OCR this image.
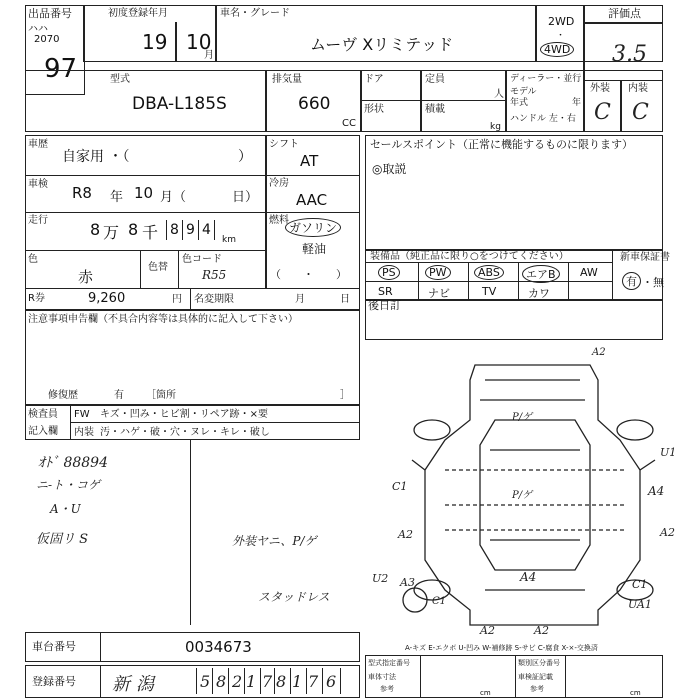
出品番号
ハハ
2070
97
初度登録年月
19 10
月
車名・グレード
ムーヴ Xリミテッド
2WD
・
4WD
評価点
3.5
型式
DBA-L185S
排気量
660
CC
ドア	定員
人
形状	積載
kg
ディーラー・並行
モデル
年式	年
ハンドル 左・右
外装 内装
C C
車歴
自家用 ・（	）
シフト
AT
車検 R8 年 10 月（	日）
冷房
AAC
走行	8 万 8 千 8 9 4
km
燃料
ガソリン
軽油
（　　・　　）
色
赤
色替
色コード
R55
R券	9,260	円 名変期限	月	日
注意事項申告欄（不具合内容等は具体的に記入して下さい）
修復歴	有 ［箇所	］
検査員
記入欄
FW キズ・凹み・ヒビ割・リペア跡・×要
内装 汚・ハゲ・破・穴・ヌレ・キレ・破し
ｵﾄﾞ 88894
ニ-ト・コゲ
A・U
仮固リ S	外装ヤニ、P/ゲ
スタッドレス
セールスポイント（正常に機能するものに限ります）
◎取説
装備品（純正品に限り○をつけてください）
PS	PW	ABS	エアB	AW
SR	ナビ	TV	カワ
新車保証書
有 ・無
後日訂
A2
P/ゲ
P/ゲ
U1
C1	A4
A2	A2
U2 A3
C1
A4
C1
UA1
A2	A2
A-キズ E-エクボ U-凹み W-補修跡 S-サビ C-腐食 X-×-交換済
車台番号	0034673
登録番号 新 潟	5 8 2 1 7 8 1 7 6
型式指定番号
車体寸法
参考
類別区分番号
車検証記載
参考
cm	cm
